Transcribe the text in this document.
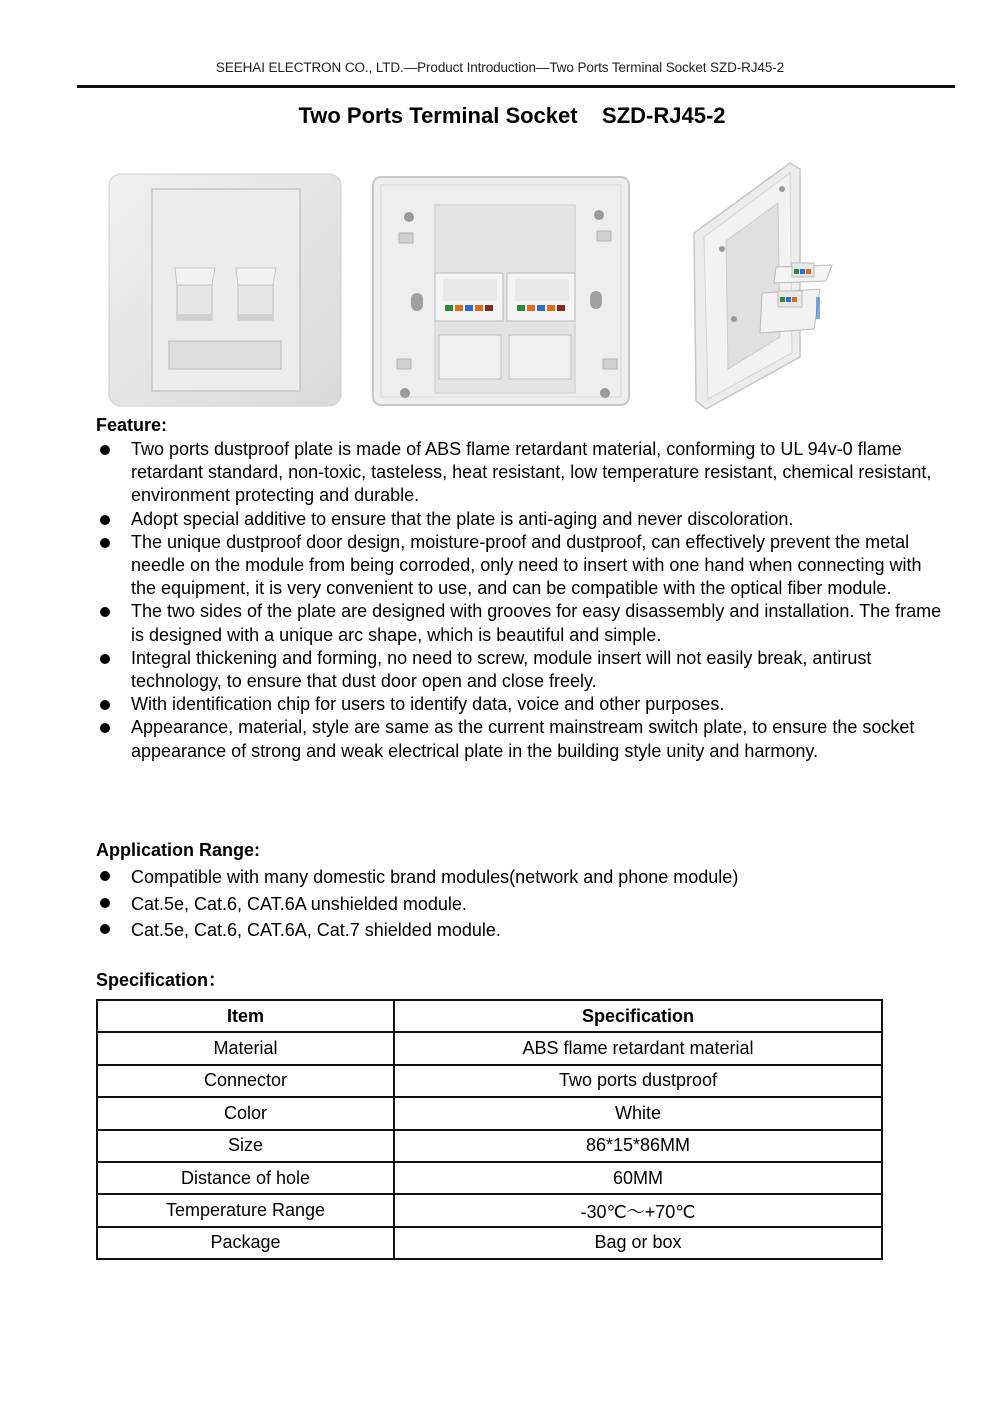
SEEHAI ELECTRON CO., LTD.—Product Introduction—Two Ports Terminal Socket SZD-RJ45-2
Two Ports Terminal Socket    SZD-RJ45-2
Feature:
Two ports dustproof plate is made of ABS flame retardant material, conforming to UL 94v-0 flame retardant standard, non-toxic, tasteless, heat resistant, low temperature resistant, chemical resistant, environment protecting and durable.
Adopt special additive to ensure that the plate is anti-aging and never discoloration.
The unique dustproof door design, moisture-proof and dustproof, can effectively prevent the metal needle on the module from being corroded, only need to insert with one hand when connecting with the equipment, it is very convenient to use, and can be compatible with the optical fiber module.
The two sides of the plate are designed with grooves for easy disassembly and installation. The frame is designed with a unique arc shape, which is beautiful and simple.
Integral thickening and forming, no need to screw, module insert will not easily break, antirust technology, to ensure that dust door open and close freely.
With identification chip for users to identify data, voice and other purposes.
Appearance, material, style are same as the current mainstream switch plate, to ensure the socket appearance of strong and weak electrical plate in the building style unity and harmony.
Application Range:
Compatible with many domestic brand modules(network and phone module)
Cat.5e, Cat.6, CAT.6A unshielded module.
Cat.5e, Cat.6, CAT.6A, Cat.7 shielded module.
Specification：
Item	Specification
Material	ABS flame retardant material
Connector	Two ports dustproof
Color	White
Size	86*15*86MM
Distance of hole	60MM
Temperature Range	-30℃～+70℃
Package	Bag or box
